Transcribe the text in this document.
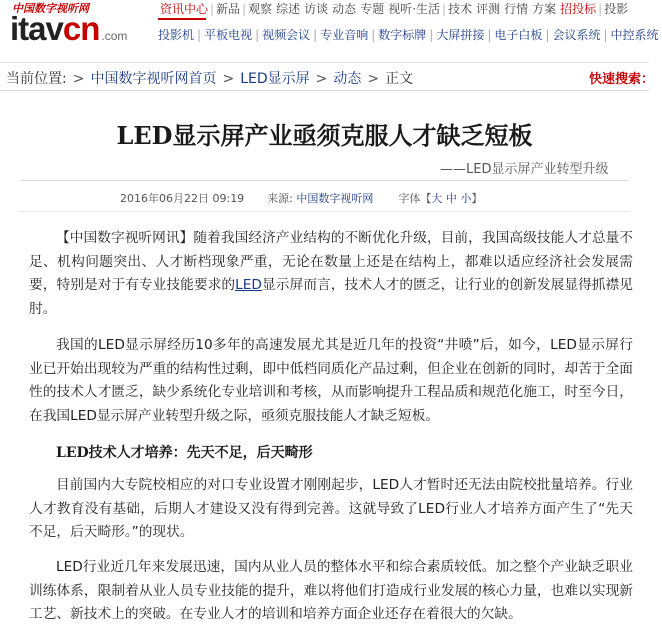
中国数字视听网
itavcn .com
资讯中心 | 新品 | 观察 综述 访谈 动态 专题 视听·生活 | 技术 评测 行情 方案 招投标 | 投影
投影机 | 平板电视 | 视频会议 | 专业音响 | 数字标牌 | 大屏拼接 | 电子白板 | 会议系统 | 中控系统
当前位置: > 中国数字视听网首页 > LED显示屏 > 动态 > 正文	快速搜索：
LED显示屏产业亟须克服人才缺乏短板
——LED显示屏产业转型升级
2016年06月22日 09:19 来源: 中国数字视听网 字体【大 中 小】
【中国数字视听网讯】随着我国经济产业结构的不断优化升级，目前，我国高级技能人才总量不足、机构问题突出、人才断档现象严重，无论在数量上还是在结构上，都难以适应经济社会发展需要，特别是对于有专业技能要求的LED显示屏而言，技术人才的匮乏，让行业的创新发展显得抓襟见肘。
我国的LED显示屏经历10多年的高速发展尤其是近几年的投资“井喷”后，如今，LED显示屏行业已开始出现较为严重的结构性过剩，即中低档同质化产品过剩，但企业在创新的同时，却苦于全面性的技术人才匮乏，缺少系统化专业培训和考核，从而影响提升工程品质和规范化施工，时至今日，在我国LED显示屏产业转型升级之际，亟须克服技能人才缺乏短板。
LED技术人才培养：先天不足，后天畸形
目前国内大专院校相应的对口专业设置才刚刚起步，LED人才暂时还无法由院校批量培养。行业人才教育没有基础，后期人才建设又没有得到完善。这就导致了LED行业人才培养方面产生了“先天不足，后天畸形。”的现状。
LED行业近几年来发展迅速，国内从业人员的整体水平和综合素质较低。加之整个产业缺乏职业训练体系，限制着从业人员专业技能的提升，难以将他们打造成行业发展的核心力量，也难以实现新工艺、新技术上的突破。在专业人才的培训和培养方面企业还存在着很大的欠缺。
